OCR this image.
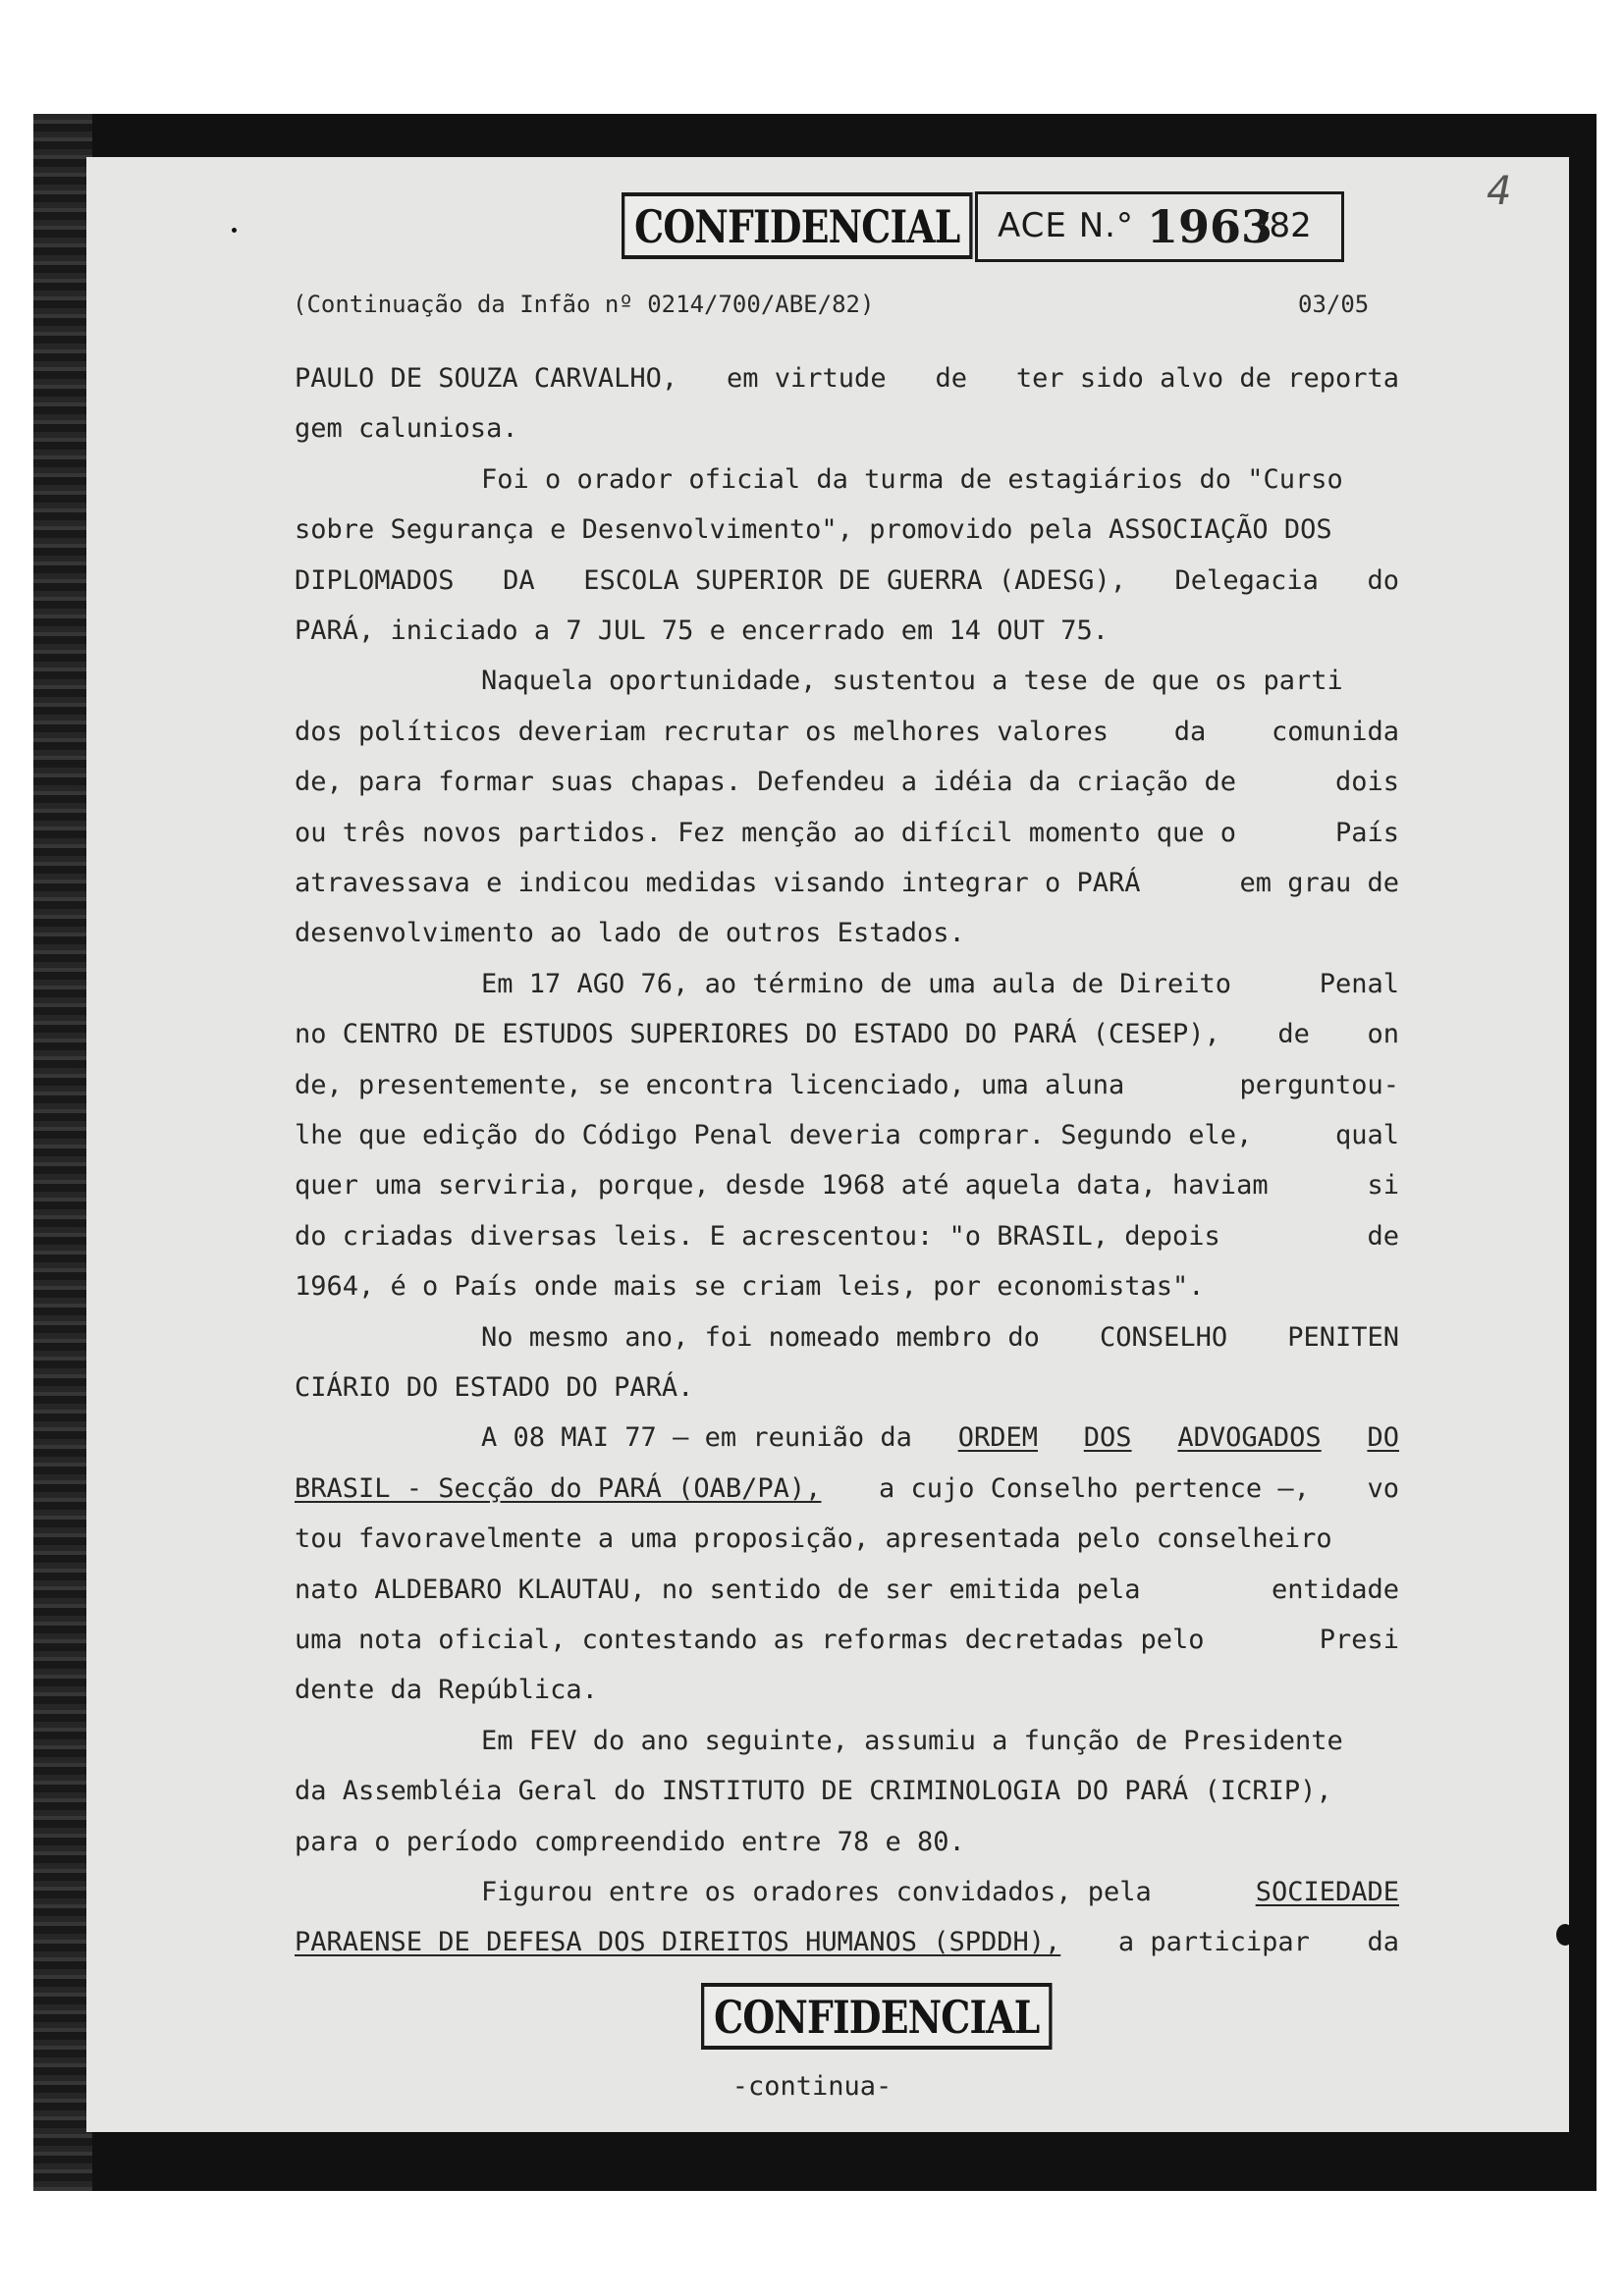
CONFIDENCIAL	ACE N.° 1963
/82
4
(Continuação da Infão nº 0214/700/ABE/82)	03/05
PAULO DE SOUZA CARVALHO, em virtude de ter sido alvo de reporta
gem caluniosa.
Foi o orador oficial da turma de estagiários do "Curso
sobre Segurança e Desenvolvimento", promovido pela ASSOCIAÇÃO DOS
DIPLOMADOS DA ESCOLA SUPERIOR DE GUERRA (ADESG), Delegacia do
PARÁ, iniciado a 7 JUL 75 e encerrado em 14 OUT 75.
Naquela oportunidade, sustentou a tese de que os parti
dos políticos deveriam recrutar os melhores valores da comunida
de, para formar suas chapas. Defendeu a idéia da criação de	dois
ou três novos partidos. Fez menção ao difícil momento que o	País
atravessava e indicou medidas visando integrar o PARÁ	em grau de
desenvolvimento ao lado de outros Estados.
Em 17 AGO 76, ao término de uma aula de Direito	Penal
no CENTRO DE ESTUDOS SUPERIORES DO ESTADO DO PARÁ (CESEP), de on
de, presentemente, se encontra licenciado, uma aluna	perguntou-
lhe que edição do Código Penal deveria comprar. Segundo ele,	qual
quer uma serviria, porque, desde 1968 até aquela data, haviam	si
do criadas diversas leis. E acrescentou: "o BRASIL, depois	de
1964, é o País onde mais se criam leis, por economistas".
No mesmo ano, foi nomeado membro do CONSELHO PENITEN
CIÁRIO DO ESTADO DO PARÁ.
A 08 MAI 77 — em reunião da ORDEM DOS ADVOGADOS DO
BRASIL - Secção do PARÁ (OAB/PA), a cujo Conselho pertence —, vo
tou favoravelmente a uma proposição, apresentada pelo conselheiro
nato ALDEBARO KLAUTAU, no sentido de ser emitida pela	entidade
uma nota oficial, contestando as reformas decretadas pelo	Presi
dente da República.
Em FEV do ano seguinte, assumiu a função de Presidente
da Assembléia Geral do INSTITUTO DE CRIMINOLOGIA DO PARÁ (ICRIP),
para o período compreendido entre 78 e 80.
Figurou entre os oradores convidados, pela	SOCIEDADE
PARAENSE DE DEFESA DOS DIREITOS HUMANOS (SPDDH), a participar da
CONFIDENCIAL
-continua-
